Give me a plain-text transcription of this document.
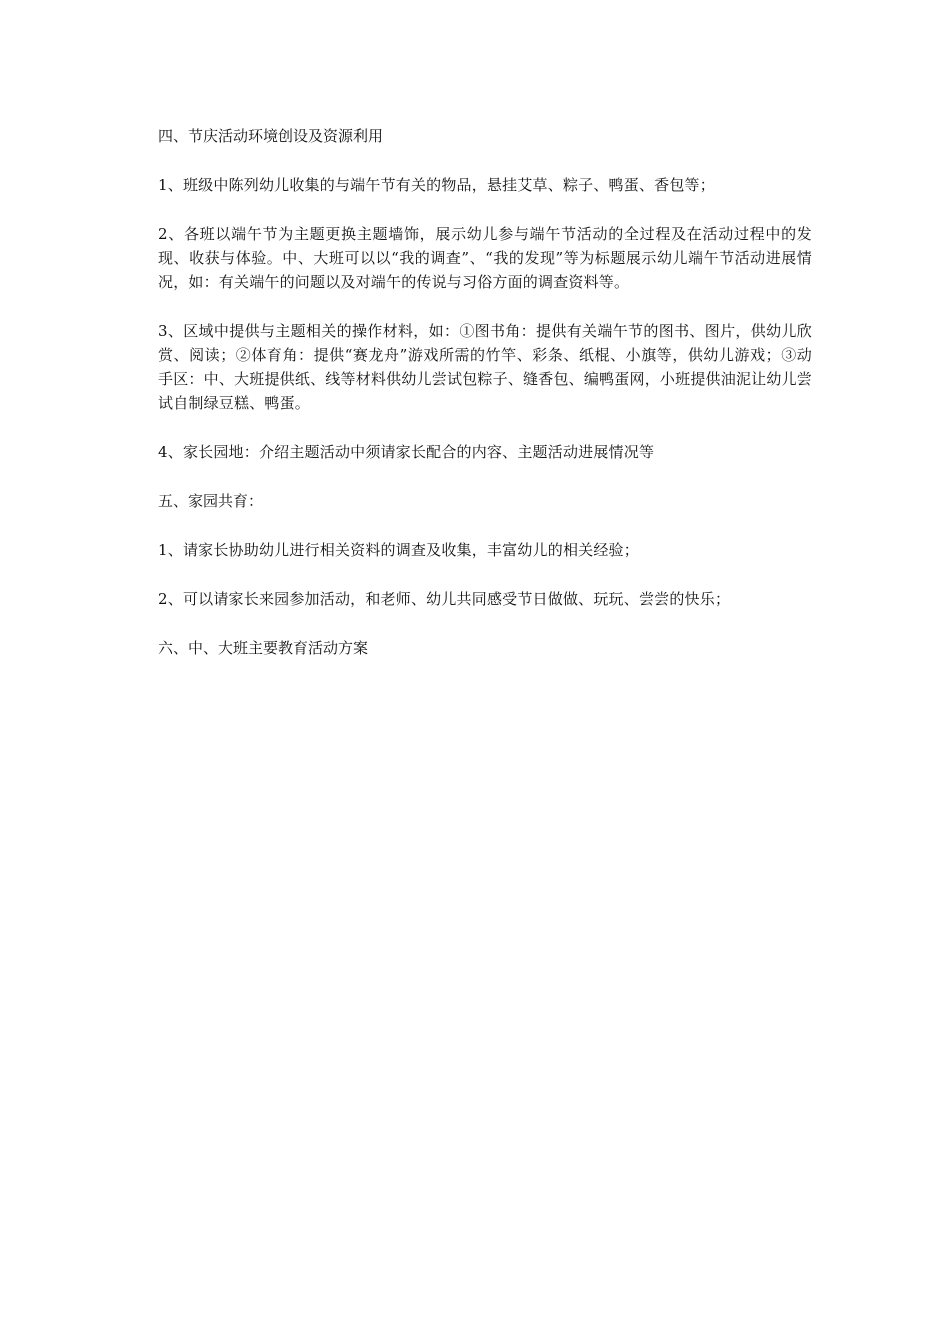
四、节庆活动环境创设及资源利用

1、班级中陈列幼儿收集的与端午节有关的物品，悬挂艾草、粽子、鸭蛋、香包等；

2、各班以端午节为主题更换主题墙饰，展示幼儿参与端午节活动的全过程及在活动过程中的发现、收获与体验。中、大班可以以“我的调查”、“我的发现”等为标题展示幼儿端午节活动进展情况，如：有关端午的问题以及对端午的传说与习俗方面的调查资料等。

3、区域中提供与主题相关的操作材料，如：①图书角：提供有关端午节的图书、图片，供幼儿欣赏、阅读；②体育角：提供“赛龙舟”游戏所需的竹竿、彩条、纸棍、小旗等，供幼儿游戏；③动手区：中、大班提供纸、线等材料供幼儿尝试包粽子、缝香包、编鸭蛋网，小班提供油泥让幼儿尝试自制绿豆糕、鸭蛋。

4、家长园地：介绍主题活动中须请家长配合的内容、主题活动进展情况等

五、家园共育：

1、请家长协助幼儿进行相关资料的调查及收集，丰富幼儿的相关经验；

2、可以请家长来园参加活动，和老师、幼儿共同感受节日做做、玩玩、尝尝的快乐；

六、中、大班主要教育活动方案
